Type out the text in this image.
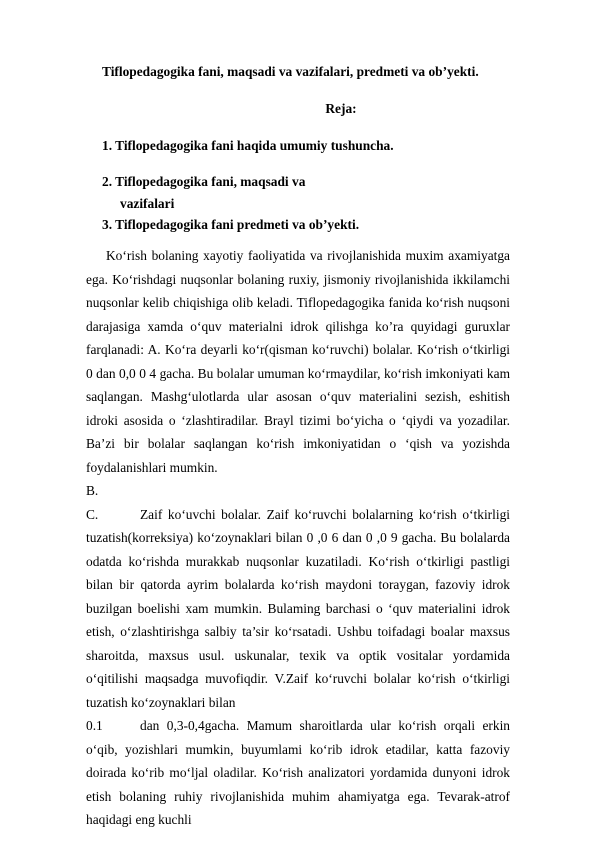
Tiflopedagogika fani, maqsadi va vazifalari, predmeti va ob’yekti.
Reja:
1. Tiflopedagogika fani haqida umumiy tushuncha.
2. Tiflopedagogika fani, maqsadi va
vazifalari
3. Tiflopedagogika fani predmeti va ob’yekti.

Ko‘rish bolaning xayotiy faoliyatida va rivojlanishida muxim axamiyatga ega. Ko‘rishdagi nuqsonlar bolaning ruxiy, jismoniy rivojlanishida ikkilamchi nuqsonlar kelib chiqishiga olib keladi. Tiflopedagogika fanida ko‘rish nuqsoni darajasiga xamda o‘quv materialni idrok qilishga ko’ra quyidagi guruxlar farqlanadi: A. Ko‘ra deyarli ko‘r(qisman ko‘ruvchi) bolalar. Ko‘rish o‘tkirligi 0 dan 0,0 0 4 gacha. Bu bolalar umuman ko‘rmaydilar, ko‘rish imkoniyati kam saqlangan. Mashg‘ulotlarda ular asosan o‘quv materialini sezish, eshitish idroki asosida o ‘zlashtiradilar. Brayl tizimi bo‘yicha o ‘qiydi va yozadilar. Ba’zi bir bolalar saqlangan ko‘rish imkoniyatidan o ‘qish va yozishda foydalanishlari mumkin.

B.

C.	Zaif ko‘uvchi bolalar. Zaif ko‘ruvchi bolalarning ko‘rish o‘tkirligi tuzatish(korreksiya) ko‘zoynaklari bilan 0 ,0 6 dan 0 ,0 9 gacha. Bu bolalarda odatda ko‘rishda murakkab nuqsonlar kuzatiladi. Ko‘rish o‘tkirligi pastligi bilan bir qatorda ayrim bolalarda ko‘rish maydoni toraygan, fazoviy idrok buzilgan boelishi xam mumkin. Bulaming barchasi o ‘quv materialini idrok etish, o‘zlashtirishga salbiy ta’sir ko‘rsatadi. Ushbu toifadagi boalar maxsus sharoitda, maxsus usul. uskunalar, texik va optik vositalar yordamida o‘qitilishi maqsadga muvofiqdir. V.Zaif ko‘ruvchi bolalar ko‘rish o‘tkirligi tuzatish ko‘zoynaklari bilan

0.1	dan 0,3-0,4gacha. Mamum sharoitlarda ular ko‘rish orqali erkin o‘qib, yozishlari mumkin, buyumlami ko‘rib idrok etadilar, katta fazoviy doirada ko‘rib mo‘ljal oladilar. Ko‘rish analizatori yordamida dunyoni idrok etish bolaning ruhiy rivojlanishida muhim ahamiyatga ega. Tevarak-atrof haqidagi eng kuchli
